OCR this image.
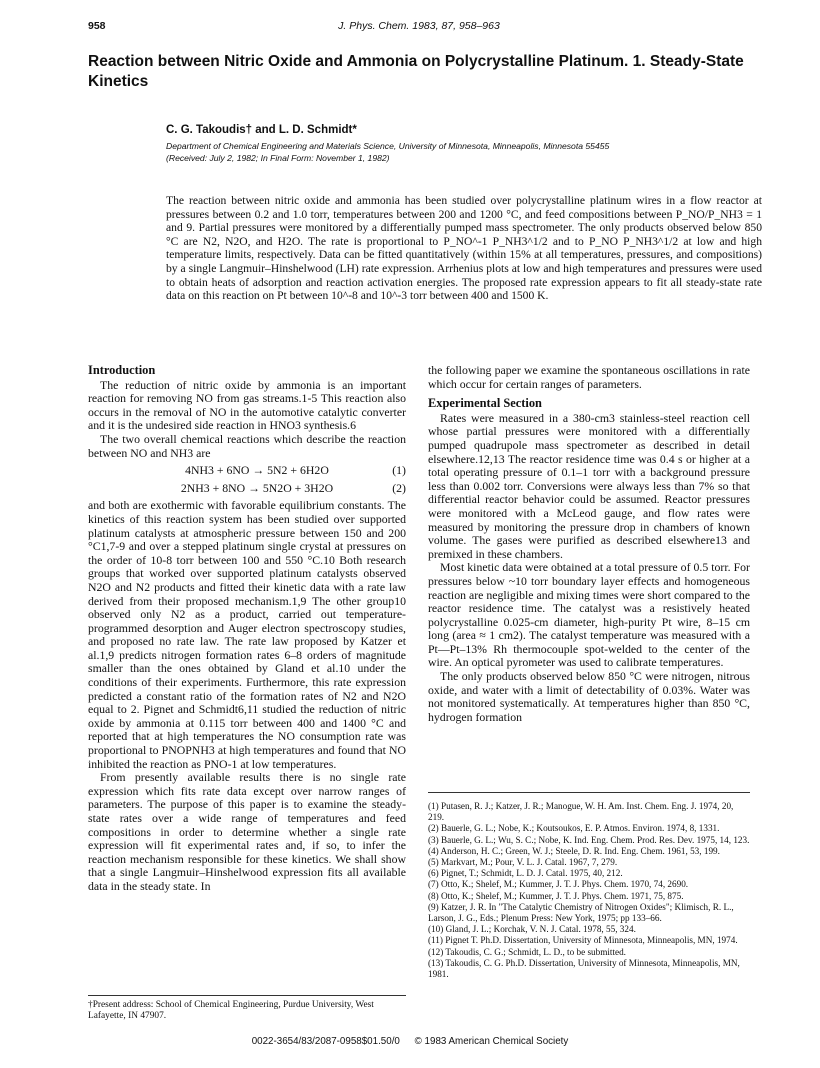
958	J. Phys. Chem. 1983, 87, 958–963
Reaction between Nitric Oxide and Ammonia on Polycrystalline Platinum. 1. Steady-State Kinetics
C. G. Takoudis† and L. D. Schmidt*
Department of Chemical Engineering and Materials Science, University of Minnesota, Minneapolis, Minnesota 55455
(Received: July 2, 1982; In Final Form: November 1, 1982)
The reaction between nitric oxide and ammonia has been studied over polycrystalline platinum wires in a flow reactor at pressures between 0.2 and 1.0 torr, temperatures between 200 and 1200 °C, and feed compositions between P_NO/P_NH3 = 1 and 9. Partial pressures were monitored by a differentially pumped mass spectrometer. The only products observed below 850 °C are N2, N2O, and H2O. The rate is proportional to P_NO^-1 P_NH3^1/2 and to P_NO P_NH3^1/2 at low and high temperature limits, respectively. Data can be fitted quantitatively (within 15% at all temperatures, pressures, and compositions) by a single Langmuir–Hinshelwood (LH) rate expression. Arrhenius plots at low and high temperatures and pressures were used to obtain heats of adsorption and reaction activation energies. The proposed rate expression appears to fit all steady-state rate data on this reaction on Pt between 10^-8 and 10^-3 torr between 400 and 1500 K.
Introduction

The reduction of nitric oxide by ammonia is an important reaction for removing NO from gas streams.1-5 This reaction also occurs in the removal of NO in the automotive catalytic converter and it is the undesired side reaction in HNO3 synthesis.6

The two overall chemical reactions which describe the reaction between NO and NH3 are

4NH3 + 6NO → 5N2 + 6H2O	(1)
2NH3 + 8NO → 5N2O + 3H2O	(2)

and both are exothermic with favorable equilibrium constants. The kinetics of this reaction system has been studied over supported platinum catalysts at atmospheric pressure between 150 and 200 °C1,7-9 and over a stepped platinum single crystal at pressures on the order of 10-8 torr between 100 and 550 °C.10 Both research groups that worked over supported platinum catalysts observed N2O and N2 products and fitted their kinetic data with a rate law derived from their proposed mechanism.1,9 The other group10 observed only N2 as a product, carried out temperature-programmed desorption and Auger electron spectroscopy studies, and proposed no rate law. The rate law proposed by Katzer et al.1,9 predicts nitrogen formation rates 6–8 orders of magnitude smaller than the ones obtained by Gland et al.10 under the conditions of their experiments. Furthermore, this rate expression predicted a constant ratio of the formation rates of N2 and N2O equal to 2. Pignet and Schmidt6,11 studied the reduction of nitric oxide by ammonia at 0.115 torr between 400 and 1400 °C and reported that at high temperatures the NO consumption rate was proportional to PNOPNH3 at high temperatures and found that NO inhibited the reaction as PNO-1 at low temperatures.

From presently available results there is no single rate expression which fits rate data except over narrow ranges of parameters. The purpose of this paper is to examine the steady-state rates over a wide range of temperatures and feed compositions in order to determine whether a single rate expression will fit experimental rates and, if so, to infer the reaction mechanism responsible for these kinetics. We shall show that a single Langmuir–Hinshelwood expression fits all available data in the steady state. In

†Present address: School of Chemical Engineering, Purdue University, West Lafayette, IN 47907.

the following paper we examine the spontaneous oscillations in rate which occur for certain ranges of parameters.

Experimental Section

Rates were measured in a 380-cm3 stainless-steel reaction cell whose partial pressures were monitored with a differentially pumped quadrupole mass spectrometer as described in detail elsewhere.12,13 The reactor residence time was 0.4 s or higher at a total operating pressure of 0.1–1 torr with a background pressure less than 0.002 torr. Conversions were always less than 7% so that differential reactor behavior could be assumed. Reactor pressures were monitored with a McLeod gauge, and flow rates were measured by monitoring the pressure drop in chambers of known volume. The gases were purified as described elsewhere13 and premixed in these chambers.

Most kinetic data were obtained at a total pressure of 0.5 torr. For pressures below ~10 torr boundary layer effects and homogeneous reaction are negligible and mixing times were short compared to the reactor residence time. The catalyst was a resistively heated polycrystalline 0.025-cm diameter, high-purity Pt wire, 8–15 cm long (area ≈ 1 cm2). The catalyst temperature was measured with a Pt—Pt–13% Rh thermocouple spot-welded to the center of the wire. An optical pyrometer was used to calibrate temperatures.

The only products observed below 850 °C were nitrogen, nitrous oxide, and water with a limit of detectability of 0.03%. Water was not monitored systematically. At temperatures higher than 850 °C, hydrogen formation

(1) Putasen, R. J.; Katzer, J. R.; Manogue, W. H. Am. Inst. Chem. Eng. J. 1974, 20, 219.
(2) Bauerle, G. L.; Nobe, K.; Koutsoukos, E. P. Atmos. Environ. 1974, 8, 1331.
(3) Bauerle, G. L.; Wu, S. C.; Nobe, K. Ind. Eng. Chem. Prod. Res. Dev. 1975, 14, 123.
(4) Anderson, H. C.; Green, W. J.; Steele, D. R. Ind. Eng. Chem. 1961, 53, 199.
(5) Markvart, M.; Pour, V. L. J. Catal. 1967, 7, 279.
(6) Pignet, T.; Schmidt, L. D. J. Catal. 1975, 40, 212.
(7) Otto, K.; Shelef, M.; Kummer, J. T. J. Phys. Chem. 1970, 74, 2690.
(8) Otto, K.; Shelef, M.; Kummer, J. T. J. Phys. Chem. 1971, 75, 875.
(9) Katzer, J. R. In "The Catalytic Chemistry of Nitrogen Oxides"; Klimisch, R. L., Larson, J. G., Eds.; Plenum Press: New York, 1975; pp 133–66.
(10) Gland, J. L.; Korchak, V. N. J. Catal. 1978, 55, 324.
(11) Pignet T. Ph.D. Dissertation, University of Minnesota, Minneapolis, MN, 1974.
(12) Takoudis, C. G.; Schmidt, L. D., to be submitted.
(13) Takoudis, C. G. Ph.D. Dissertation, University of Minnesota, Minneapolis, MN, 1981.
0022-3654/83/2087-0958$01.50/0 © 1983 American Chemical Society
